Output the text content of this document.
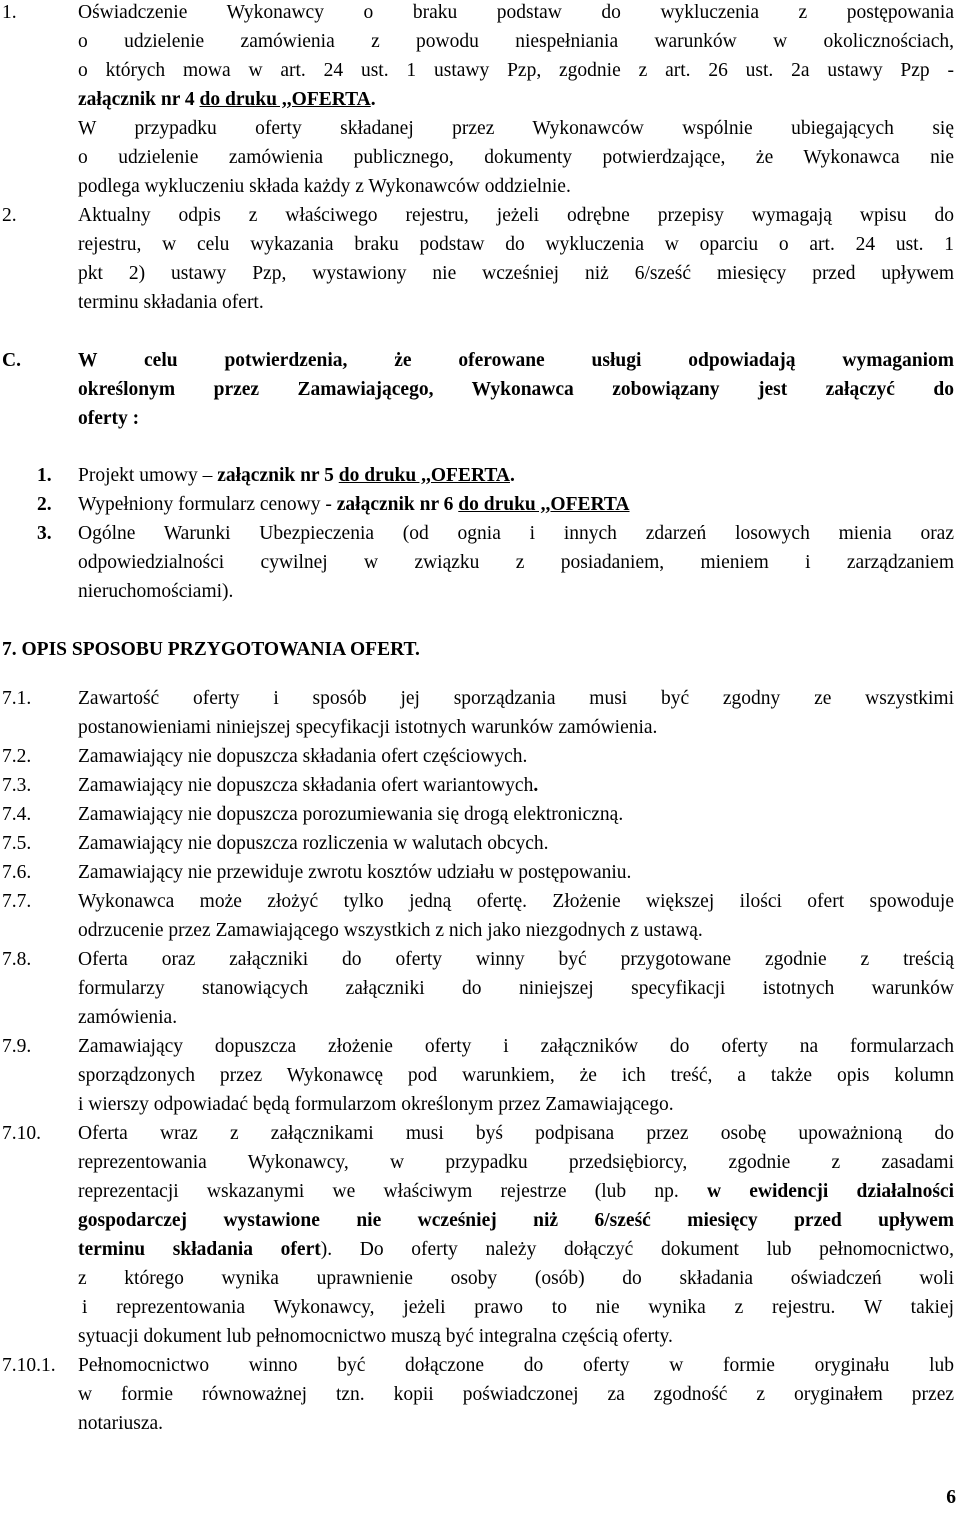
1.	Oświadczenie Wykonawcy o braku podstaw do wykluczenia z postępowania
o udzielenie zamówienia z powodu niespełniania warunków w okolicznościach,
o których mowa w art. 24 ust. 1 ustawy Pzp, zgodnie z art. 26 ust. 2a ustawy Pzp -
załącznik nr 4 do druku ,,OFERTA.
W przypadku oferty składanej przez Wykonawców wspólnie ubiegających się
o udzielenie zamówienia publicznego, dokumenty potwierdzające, że Wykonawca nie
podlega wykluczeniu składa każdy z Wykonawców oddzielnie.
2.	Aktualny odpis z właściwego rejestru, jeżeli odrębne przepisy wymagają wpisu do
rejestru, w celu wykazania braku podstaw do wykluczenia w oparciu o art. 24 ust. 1
pkt 2) ustawy Pzp, wystawiony nie wcześniej niż 6/sześć miesięcy przed upływem
terminu składania ofert.
C.	W celu potwierdzenia, że oferowane usługi odpowiadają wymaganiom
określonym przez Zamawiającego, Wykonawca zobowiązany jest załączyć do
oferty :
1. Projekt umowy – załącznik nr 5 do druku ,,OFERTA.
2. Wypełniony formularz cenowy - załącznik nr 6 do druku ,,OFERTA
3. Ogólne Warunki Ubezpieczenia (od ognia i innych zdarzeń losowych mienia oraz
odpowiedzialności cywilnej w związku z posiadaniem, mieniem i zarządzaniem
nieruchomościami).
7. OPIS SPOSOBU PRZYGOTOWANIA OFERT.
7.1. Zawartość oferty i sposób jej sporządzania musi być zgodny ze wszystkimi
postanowieniami niniejszej specyfikacji istotnych warunków zamówienia.
7.2. Zamawiający nie dopuszcza składania ofert częściowych.
7.3. Zamawiający nie dopuszcza składania ofert wariantowych.
7.4. Zamawiający nie dopuszcza porozumiewania się drogą elektroniczną.
7.5. Zamawiający nie dopuszcza rozliczenia w walutach obcych.
7.6. Zamawiający nie przewiduje zwrotu kosztów udziału w postępowaniu.
7.7. Wykonawca może złożyć tylko jedną ofertę. Złożenie większej ilości ofert spowoduje
odrzucenie przez Zamawiającego wszystkich z nich jako niezgodnych z ustawą.
7.8. Oferta oraz załączniki do oferty winny być przygotowane zgodnie z treścią
formularzy stanowiących załączniki do niniejszej specyfikacji istotnych warunków
zamówienia.
7.9. Zamawiający dopuszcza złożenie oferty i załączników do oferty na formularzach
sporządzonych przez Wykonawcę pod warunkiem, że ich treść, a także opis kolumn
i wierszy odpowiadać będą formularzom określonym przez Zamawiającego.
7.10. Oferta wraz z załącznikami musi byś podpisana przez osobę upoważnioną do
reprezentowania Wykonawcy, w przypadku przedsiębiorcy, zgodnie z zasadami
reprezentacji wskazanymi we właściwym rejestrze (lub np. w ewidencji działalności
gospodarczej wystawione nie wcześniej niż 6/sześć miesięcy przed upływem
terminu składania ofert). Do oferty należy dołączyć dokument lub pełnomocnictwo,
z którego wynika uprawnienie osoby (osób) do składania oświadczeń woli
i reprezentowania Wykonawcy, jeżeli prawo to nie wynika z rejestru. W takiej
sytuacji dokument lub pełnomocnictwo muszą być integralna częścią oferty.
7.10.1. Pełnomocnictwo winno być dołączone do oferty w formie oryginału lub
w formie równoważnej tzn. kopii poświadczonej za zgodność z oryginałem przez
notariusza.
6
